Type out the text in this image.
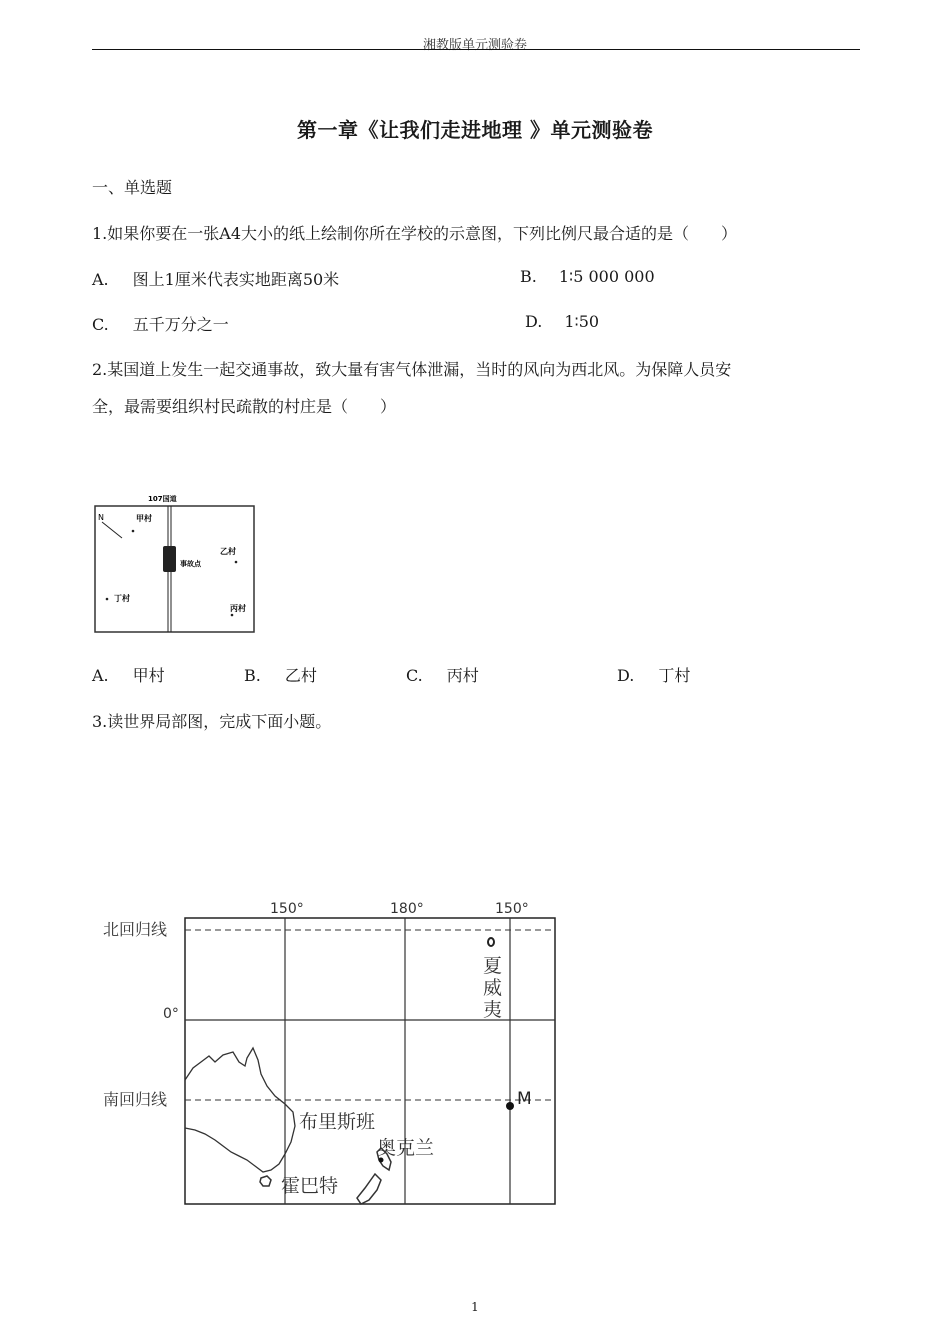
湘教版单元测验卷
第一章《让我们走进地理 》单元测验卷
一、单选题
1.如果你要在一张A4大小的纸上绘制你所在学校的示意图，下列比例尺最合适的是（　　）
A. 图上1厘米代表实地距离50米	B. 1∶5 000 000
C. 五千万分之一	D. 1∶50
2.某国道上发生一起交通事故，致大量有害气体泄漏，当时的风向为西北风。为保障人员安
全，最需要组织村民疏散的村庄是（　　）
107国道
N	甲村
事故点
乙村
丁村
丙村
A. 甲村	B. 乙村	C. 丙村	D. 丁村
3.读世界局部图，完成下面小题。
150°	180°	150°
北回归线
0°
南回归线
夏
威
夷
M
布里斯班
奥克兰
霍巴特
1
